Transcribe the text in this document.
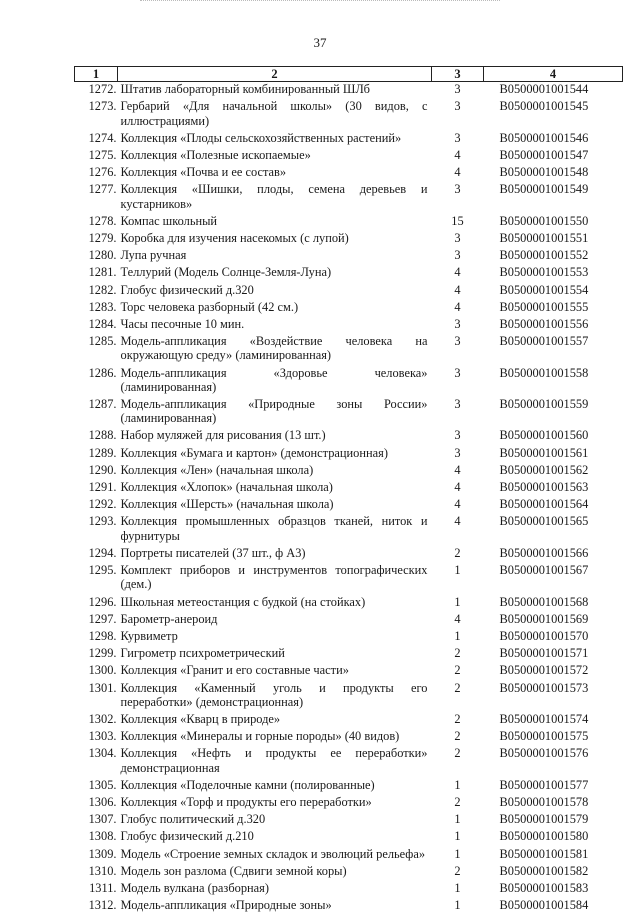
37
1	2	3	4
1272.	Штатив лабораторный комбинированный ШЛб	3	B0500001001544
1273.	Гербарий «Для начальной школы» (30 видов, с иллюстрациями)	3	B0500001001545
1274.	Коллекция «Плоды сельскохозяйственных растений»	3	B0500001001546
1275.	Коллекция «Полезные ископаемые»	4	B0500001001547
1276.	Коллекция «Почва и ее состав»	4	B0500001001548
1277.	Коллекция «Шишки, плоды, семена деревьев и кустарников»	3	B0500001001549
1278.	Компас школьный	15	B0500001001550
1279.	Коробка для изучения насекомых (с лупой)	3	B0500001001551
1280.	Лупа ручная	3	B0500001001552
1281.	Теллурий (Модель Солнце-Земля-Луна)	4	B0500001001553
1282.	Глобус физический д.320	4	B0500001001554
1283.	Торс человека разборный (42 см.)	4	B0500001001555
1284.	Часы песочные 10 мин.	3	B0500001001556
1285.	Модель-аппликация «Воздействие человека на окружающую среду» (ламинированная)	3	B0500001001557
1286.	Модель-аппликация «Здоровье человека» (ламинированная)	3	B0500001001558
1287.	Модель-аппликация «Природные зоны России» (ламинированная)	3	B0500001001559
1288.	Набор муляжей для рисования (13 шт.)	3	B0500001001560
1289.	Коллекция «Бумага и картон» (демонстрационная)	3	B0500001001561
1290.	Коллекция «Лен» (начальная школа)	4	B0500001001562
1291.	Коллекция «Хлопок» (начальная школа)	4	B0500001001563
1292.	Коллекция «Шерсть» (начальная школа)	4	B0500001001564
1293.	Коллекция промышленных образцов тканей, ниток и фурнитуры	4	B0500001001565
1294.	Портреты писателей (37 шт., ф А3)	2	B0500001001566
1295.	Комплект приборов и инструментов топографических (дем.)	1	B0500001001567
1296.	Школьная метеостанция с будкой (на стойках)	1	B0500001001568
1297.	Барометр-анероид	4	B0500001001569
1298.	Курвиметр	1	B0500001001570
1299.	Гигрометр психрометрический	2	B0500001001571
1300.	Коллекция «Гранит и его составные части»	2	B0500001001572
1301.	Коллекция «Каменный уголь и продукты его переработки» (демонстрационная)	2	B0500001001573
1302.	Коллекция «Кварц в природе»	2	B0500001001574
1303.	Коллекция «Минералы и горные породы» (40 видов)	2	B0500001001575
1304.	Коллекция «Нефть и продукты ее переработки» демонстрационная	2	B0500001001576
1305.	Коллекция «Поделочные камни (полированные)	1	B0500001001577
1306.	Коллекция «Торф и продукты его переработки»	2	B0500001001578
1307.	Глобус политический д.320	1	B0500001001579
1308.	Глобус физический д.210	1	B0500001001580
1309.	Модель «Строение земных складок и эволюций рельефа»	1	B0500001001581
1310.	Модель зон разлома (Сдвиги земной коры)	2	B0500001001582
1311.	Модель вулкана (разборная)	1	B0500001001583
1312.	Модель-аппликация «Природные зоны»	1	B0500001001584
